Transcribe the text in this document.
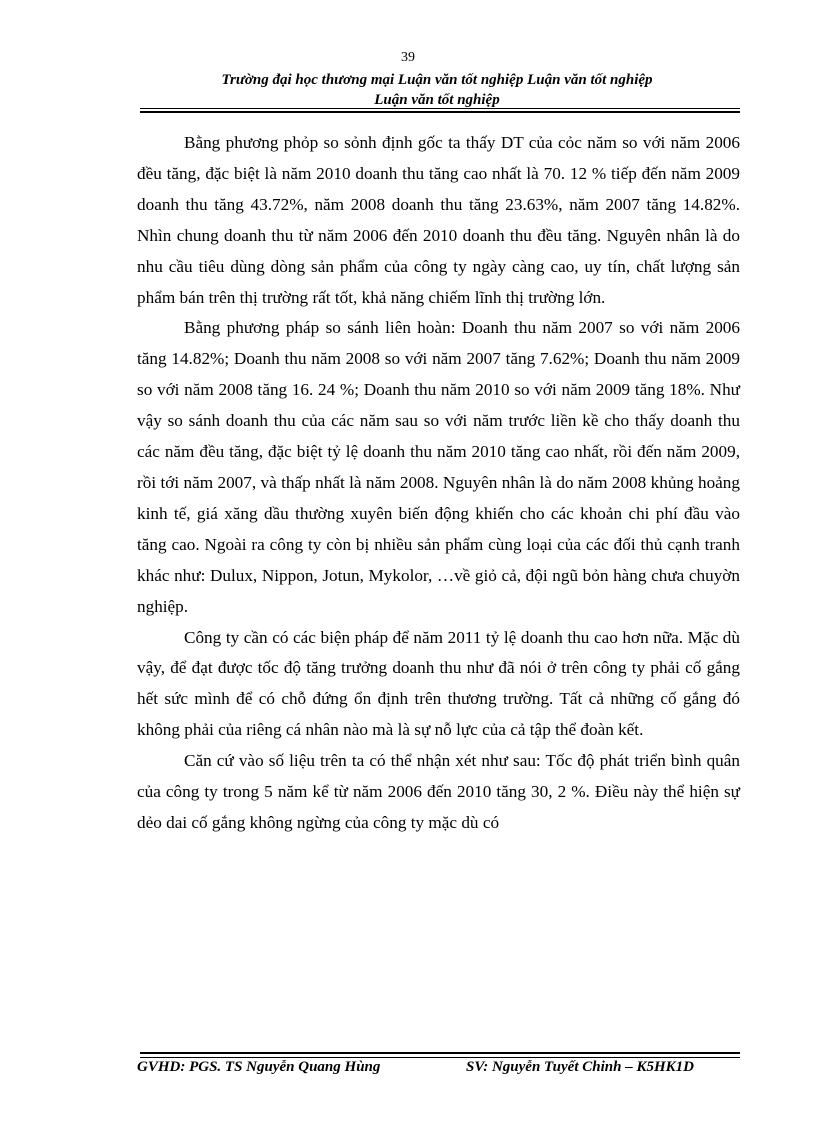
39
Trường đại học thương mại Luận văn tốt nghiệp Luận văn tốt nghiệp
Luận văn tốt nghiệp

Bằng phương phỏp so sỏnh định gốc ta thấy DT của cỏc năm so với năm 2006 đều tăng, đặc biệt là năm 2010 doanh thu tăng cao nhất là 70. 12 % tiếp đến năm 2009 doanh thu tăng 43.72%, năm 2008 doanh thu tăng 23.63%, năm 2007 tăng 14.82%. Nhìn chung doanh thu từ năm 2006 đến 2010 doanh thu đều tăng. Nguyên nhân là do nhu cầu tiêu dùng dòng sản phẩm của công ty ngày càng cao, uy tín, chất lượng sản phẩm bán trên thị trường rất tốt, khả năng chiếm lĩnh thị trường lớn.

Bằng phương pháp so sánh liên hoàn: Doanh thu năm 2007 so với năm 2006 tăng 14.82%; Doanh thu năm 2008 so với năm 2007 tăng 7.62%; Doanh thu năm 2009 so với năm 2008 tăng 16. 24 %; Doanh thu năm 2010 so với năm 2009 tăng 18%. Như vậy so sánh doanh thu của các năm sau so với năm trước liền kề cho thấy doanh thu các năm đều tăng, đặc biệt tỷ lệ doanh thu năm 2010 tăng cao nhất, rồi đến năm 2009, rồi tới năm 2007, và thấp nhất là năm 2008. Nguyên nhân là do năm 2008 khủng hoảng kinh tế, giá xăng dầu thường xuyên biến động khiến cho các khoản chi phí đầu vào tăng cao. Ngoài ra công ty còn bị nhiều sản phẩm cùng loại của các đối thủ cạnh tranh khác như: Dulux, Nippon, Jotun, Mykolor, …về giỏ cả, đội ngũ bỏn hàng chưa chuyờn nghiệp.

Công ty cần có các biện pháp để năm 2011 tỷ lệ doanh thu cao hơn nữa. Mặc dù vậy, để đạt được tốc độ tăng trưởng doanh thu như đã nói ở trên công ty phải cố gắng hết sức mình để có chỗ đứng ổn định trên thương trường. Tất cả những cố gắng đó không phải của riêng cá nhân nào mà là sự nỗ lực của cả tập thể đoàn kết.

Căn cứ vào số liệu trên ta có thể nhận xét như sau: Tốc độ phát triển bình quân của công ty trong 5 năm kể từ năm 2006 đến 2010 tăng 30, 2 %. Điều này thể hiện sự dẻo dai cố gắng không ngừng của công ty mặc dù có

GVHD: PGS. TS Nguyễn Quang Hùng	SV: Nguyễn Tuyết Chinh – K5HK1D
